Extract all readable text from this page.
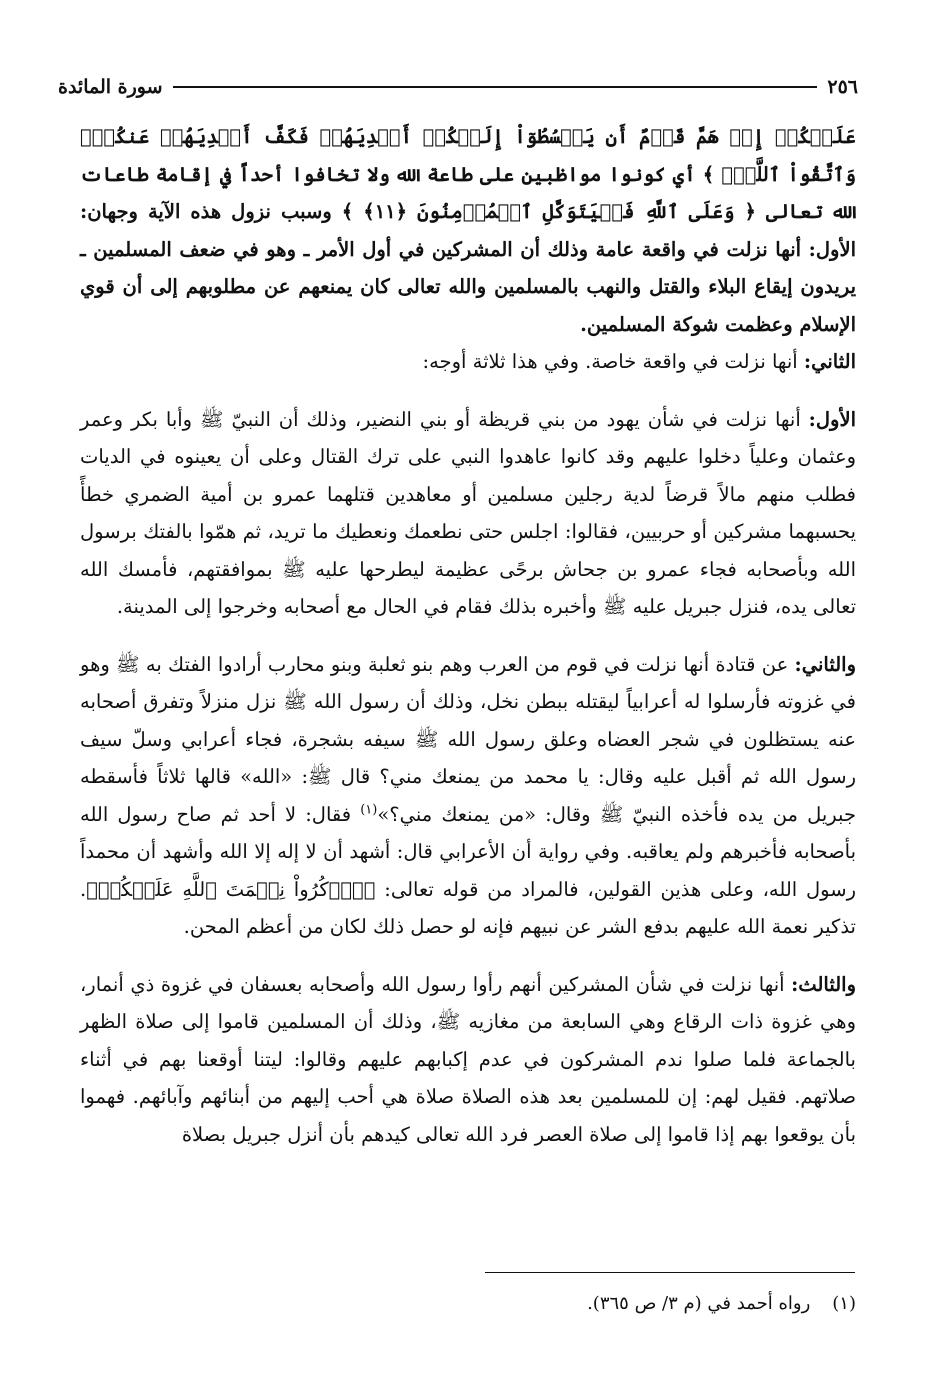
٢٥٦
سورة المائدة

عَلَيۡكُمۡ إِذۡ هَمَّ قَوۡمٌ أَن يَبۡسُطُوٓاْ إِلَيۡكُمۡ أَيۡدِيَهُمۡ فَكَفَّ أَيۡدِيَهُمۡ عَنكُمۡۖ وَٱتَّقُواْ ٱللَّهَۚ ﴾ أي كونوا مواظبين على طاعة الله ولا تخافوا أحداً في إقامة طاعات الله تعالى ﴿ وَعَلَى ٱللَّهِ فَلۡيَتَوَكَّلِ ٱلۡمُؤۡمِنُونَ ﴿١١﴾ ﴾ وسبب نزول هذه الآية وجهان: الأول: أنها نزلت في واقعة عامة وذلك أن المشركين في أول الأمر ـ وهو في ضعف المسلمين ـ يريدون إيقاع البلاء والقتل والنهب بالمسلمين والله تعالى كان يمنعهم عن مطلوبهم إلى أن قوي الإسلام وعظمت شوكة المسلمين.

الثاني: أنها نزلت في واقعة خاصة. وفي هذا ثلاثة أوجه:

الأول: أنها نزلت في شأن يهود من بني قريظة أو بني النضير، وذلك أن النبيّ ﷺ وأبا بكر وعمر وعثمان وعلياً دخلوا عليهم وقد كانوا عاهدوا النبي على ترك القتال وعلى أن يعينوه في الديات فطلب منهم مالاً قرضاً لدية رجلين مسلمين أو معاهدين قتلهما عمرو بن أمية الضمري خطأً يحسبهما مشركين أو حربيين، فقالوا: اجلس حتى نطعمك ونعطيك ما تريد، ثم همّوا بالفتك برسول الله وبأصحابه فجاء عمرو بن جحاش برحًى عظيمة ليطرحها عليه ﷺ بموافقتهم، فأمسك الله تعالى يده، فنزل جبريل عليه ﷺ وأخبره بذلك فقام في الحال مع أصحابه وخرجوا إلى المدينة.

والثاني: عن قتادة أنها نزلت في قوم من العرب وهم بنو ثعلبة وبنو محارب أرادوا الفتك به ﷺ وهو في غزوته فأرسلوا له أعرابياً ليقتله ببطن نخل، وذلك أن رسول الله ﷺ نزل منزلاً وتفرق أصحابه عنه يستظلون في شجر العضاه وعلق رسول الله ﷺ سيفه بشجرة، فجاء أعرابي وسلّ سيف رسول الله ثم أقبل عليه وقال: يا محمد من يمنعك مني؟ قال ﷺ: «الله» قالها ثلاثاً فأسقطه جبريل من يده فأخذه النبيّ ﷺ وقال: «من يمنعك مني؟»$^{(١)}$ فقال: لا أحد ثم صاح رسول الله بأصحابه فأخبرهم ولم يعاقبه. وفي رواية أن الأعرابي قال: أشهد أن لا إله إلا الله وأشهد أن محمداً رسول الله، وعلى هذين القولين، فالمراد من قوله تعالى: ﴿ٱذۡكُرُواْ نِعۡمَتَ ٱللَّهِ عَلَيۡكُمۡ﴾. تذكير نعمة الله عليهم بدفع الشر عن نبيهم فإنه لو حصل ذلك لكان من أعظم المحن.

والثالث: أنها نزلت في شأن المشركين أنهم رأوا رسول الله وأصحابه بعسفان في غزوة ذي أنمار، وهي غزوة ذات الرقاع وهي السابعة من مغازيه ﷺ، وذلك أن المسلمين قاموا إلى صلاة الظهر بالجماعة فلما صلوا ندم المشركون في عدم إكبابهم عليهم وقالوا: ليتنا أوقعنا بهم في أثناء صلاتهم. فقيل لهم: إن للمسلمين بعد هذه الصلاة صلاة هي أحب إليهم من أبنائهم وآبائهم. فهموا بأن يوقعوا بهم إذا قاموا إلى صلاة العصر فرد الله تعالى كيدهم بأن أنزل جبريل بصلاة

(١)رواه أحمد في (م ٣/ ص ٣٦٥).
